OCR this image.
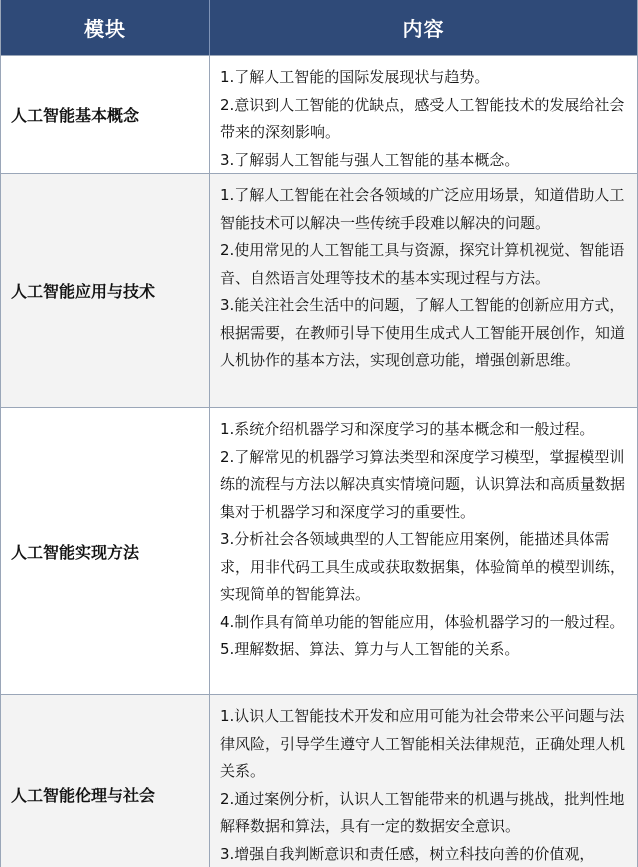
模块	内容
人工智能基本概念

1.了解人工智能的国际发展现状与趋势。

2.意识到人工智能的优缺点，感受人工智能技术的发展给社会带来的深刻影响。

3.了解弱人工智能与强人工智能的基本概念。

人工智能应用与技术

1.了解人工智能在社会各领域的广泛应用场景，知道借助人工智能技术可以解决一些传统手段难以解决的问题。

2.使用常见的人工智能工具与资源，探究计算机视觉、智能语音、自然语言处理等技术的基本实现过程与方法。

3.能关注社会生活中的问题，了解人工智能的创新应用方式，根据需要，在教师引导下使用生成式人工智能开展创作，知道人机协作的基本方法，实现创意功能，增强创新思维。

人工智能实现方法

1.系统介绍机器学习和深度学习的基本概念和一般过程。

2.了解常见的机器学习算法类型和深度学习模型，掌握模型训练的流程与方法以解决真实情境问题，认识算法和高质量数据集对于机器学习和深度学习的重要性。

3.分析社会各领域典型的人工智能应用案例，能描述具体需求，用非代码工具生成或获取数据集，体验简单的模型训练，实现简单的智能算法。

4.制作具有简单功能的智能应用，体验机器学习的一般过程。

5.理解数据、算法、算力与人工智能的关系。

人工智能伦理与社会

1.认识人工智能技术开发和应用可能为社会带来公平问题与法律风险，引导学生遵守人工智能相关法律规范，正确处理人机关系。

2.通过案例分析，认识人工智能带来的机遇与挑战，批判性地解释数据和算法，具有一定的数据安全意识。

3.增强自我判断意识和责任感，树立科技向善的价值观，
